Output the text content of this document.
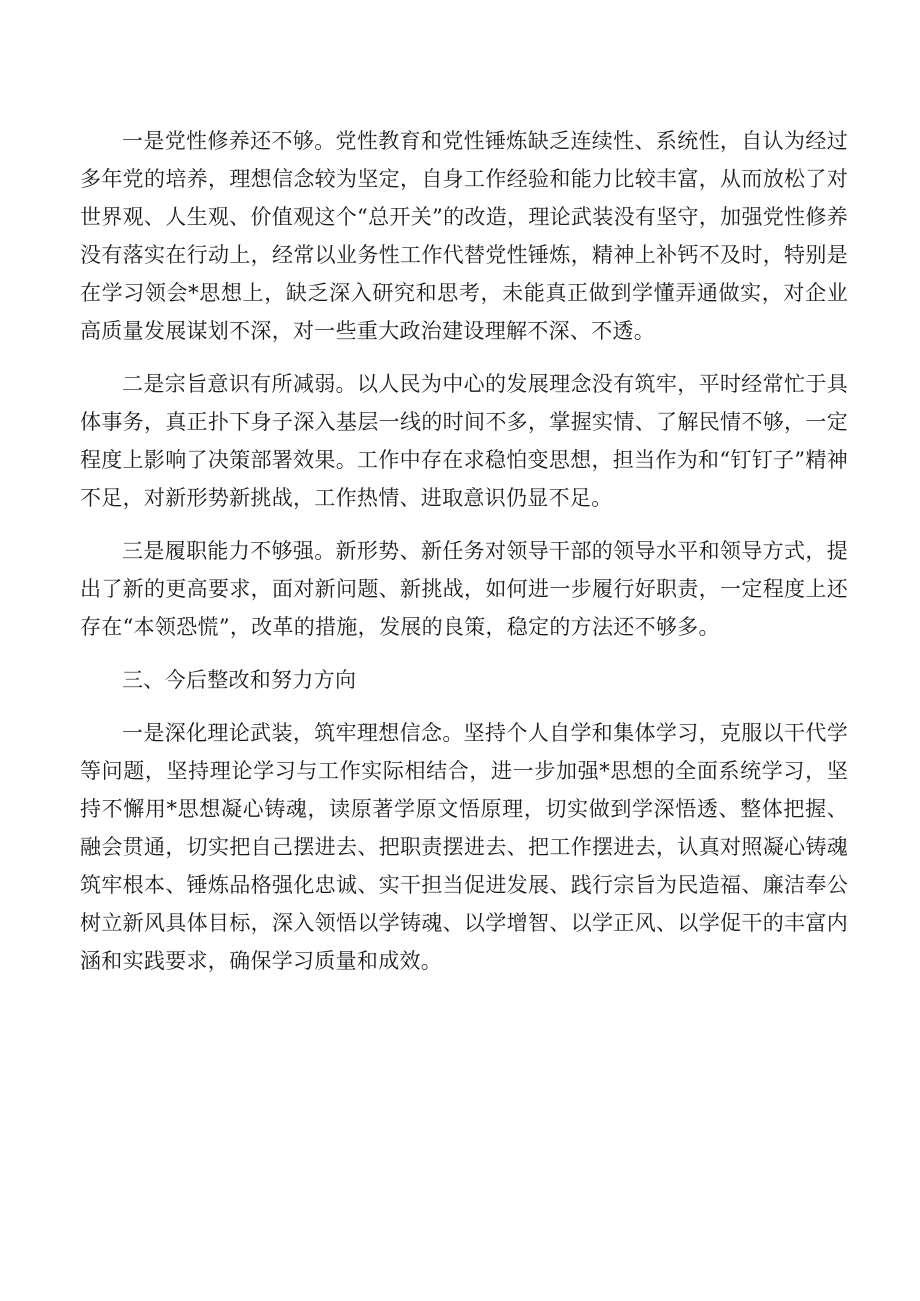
一是党性修养还不够。党性教育和党性锤炼缺乏连续性、系统性，自认为经过多年党的培养，理想信念较为坚定，自身工作经验和能力比较丰富，从而放松了对世界观、人生观、价值观这个“总开关”的改造，理论武装没有坚守，加强党性修养没有落实在行动上，经常以业务性工作代替党性锤炼，精神上补钙不及时，特别是在学习领会*思想上，缺乏深入研究和思考，未能真正做到学懂弄通做实，对企业高质量发展谋划不深，对一些重大政治建设理解不深、不透。

二是宗旨意识有所减弱。以人民为中心的发展理念没有筑牢，平时经常忙于具体事务，真正扑下身子深入基层一线的时间不多，掌握实情、了解民情不够，一定程度上影响了决策部署效果。工作中存在求稳怕变思想，担当作为和“钉钉子”精神不足，对新形势新挑战，工作热情、进取意识仍显不足。

三是履职能力不够强。新形势、新任务对领导干部的领导水平和领导方式，提出了新的更高要求，面对新问题、新挑战，如何进一步履行好职责，一定程度上还存在“本领恐慌”，改革的措施，发展的良策，稳定的方法还不够多。

三、今后整改和努力方向

一是深化理论武装，筑牢理想信念。坚持个人自学和集体学习，克服以干代学等问题，坚持理论学习与工作实际相结合，进一步加强*思想的全面系统学习，坚持不懈用*思想凝心铸魂，读原著学原文悟原理，切实做到学深悟透、整体把握、融会贯通，切实把自己摆进去、把职责摆进去、把工作摆进去，认真对照凝心铸魂筑牢根本、锤炼品格强化忠诚、实干担当促进发展、践行宗旨为民造福、廉洁奉公树立新风具体目标，深入领悟以学铸魂、以学增智、以学正风、以学促干的丰富内涵和实践要求，确保学习质量和成效。
